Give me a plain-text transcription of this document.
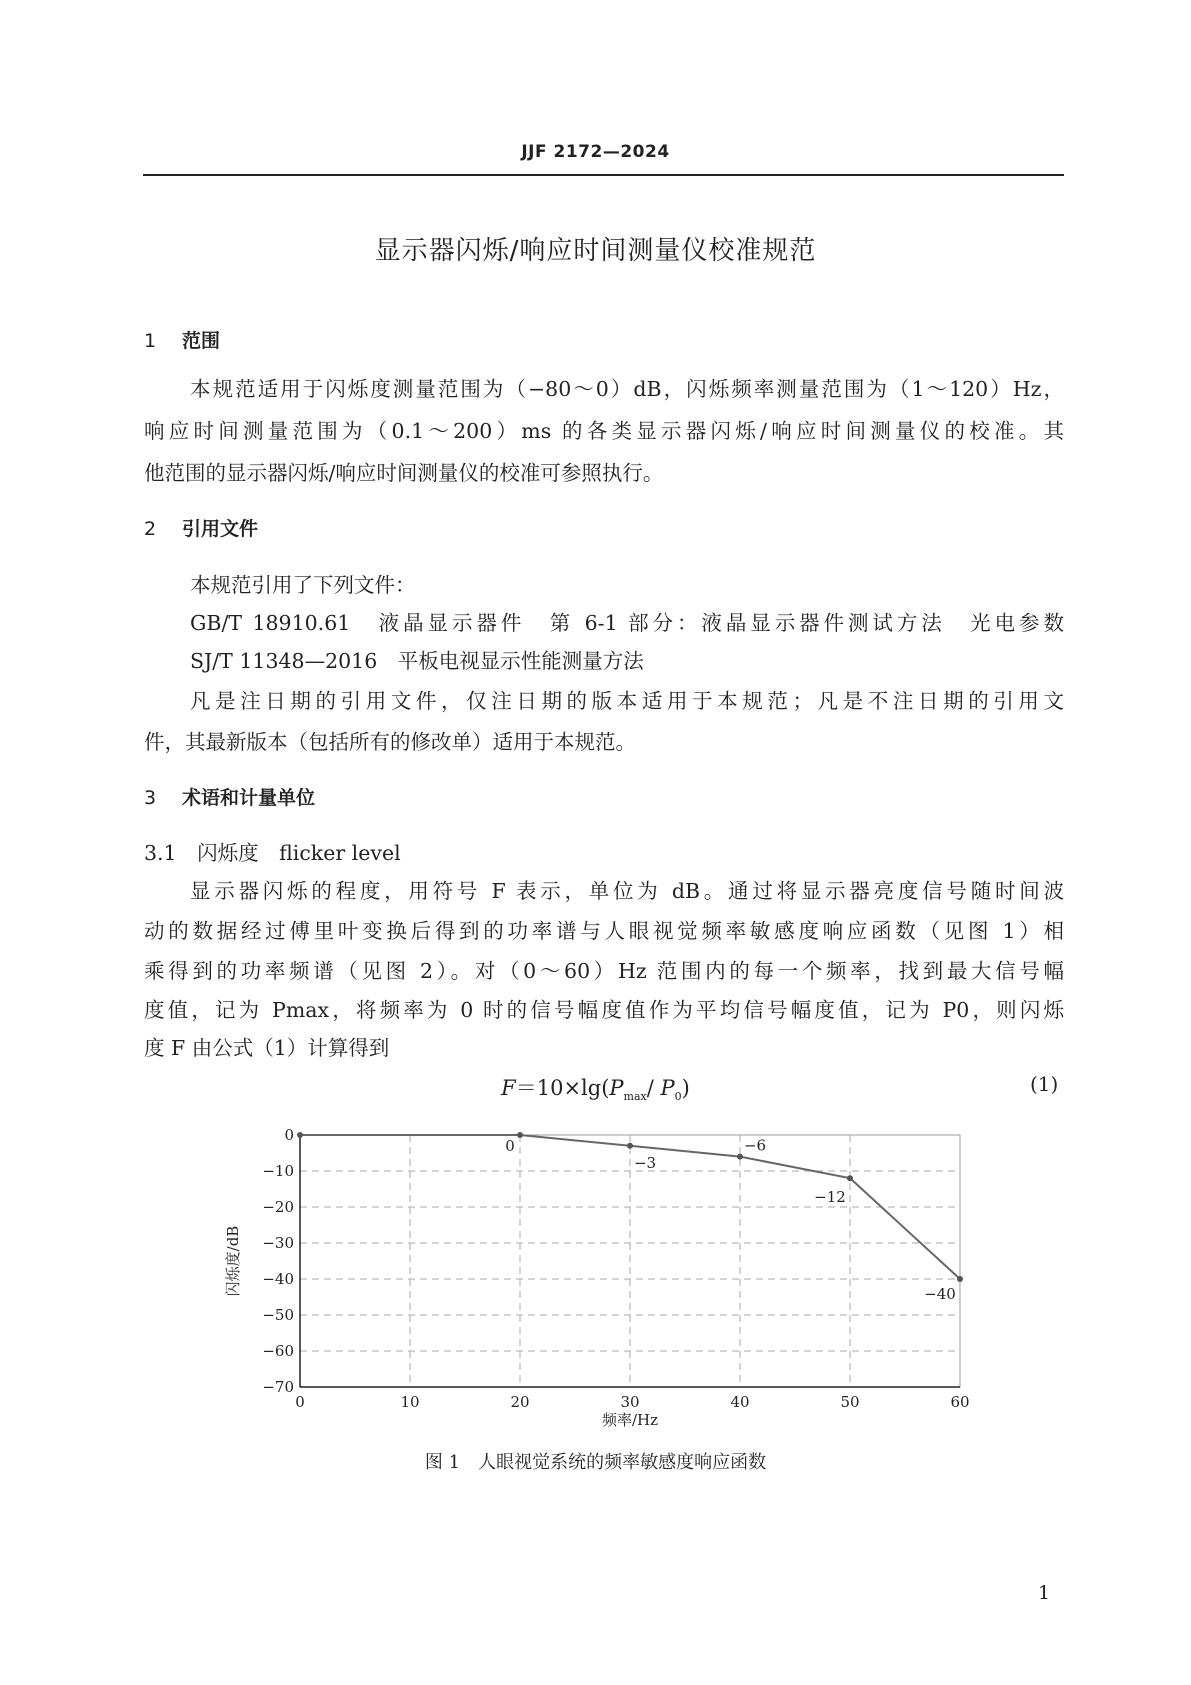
JJF 2172—2024
显示器闪烁/响应时间测量仪校准规范
1 范围
本规范适用于闪烁度测量范围为（−80～0）dB，闪烁频率测量范围为（1～120）Hz，
响应时间测量范围为（0.1～200）ms 的各类显示器闪烁/响应时间测量仪的校准。其
他范围的显示器闪烁/响应时间测量仪的校准可参照执行。
2 引用文件
本规范引用了下列文件：
GB/T 18910.61　液晶显示器件　第 6-1 部分：液晶显示器件测试方法　光电参数
SJ/T 11348—2016　平板电视显示性能测量方法
凡是注日期的引用文件，仅注日期的版本适用于本规范；凡是不注日期的引用文
件，其最新版本（包括所有的修改单）适用于本规范。
3 术语和计量单位
3.1　闪烁度　flicker level
显示器闪烁的程度，用符号 F 表示，单位为 dB。通过将显示器亮度信号随时间波
动的数据经过傅里叶变换后得到的功率谱与人眼视觉频率敏感度响应函数（见图 1）相
乘得到的功率频谱（见图 2）。对（0～60）Hz 范围内的每一个频率，找到最大信号幅
度值，记为 Pmax，将频率为 0 时的信号幅度值作为平均信号幅度值，记为 P0，则闪烁
度 F 由公式（1）计算得到
$F=10\times\lg(P_{max}/$ $P_0$)	(1)
0	10	20	30	40	50	60
0
−10
−20
−30
−40
−50
−60
−70
0
−3
−6
−12
−40
频率/Hz
闪烁度/dB
图 1　人眼视觉系统的频率敏感度响应函数
1
